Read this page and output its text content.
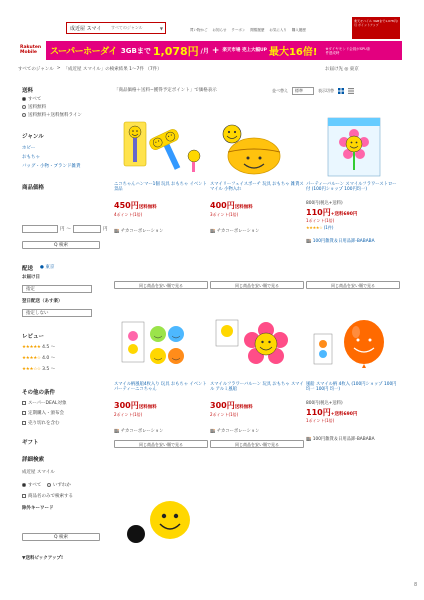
成近屋 スマイ	すべてのジャンル	▼	買い物かご お知らせ クーポン 閲覧履歴 お気に入り 購入履歴
楽天モバイル 3GBまで1,078円/月 ポイントアップ
Rakuten Mobile	スーパーホーダイ 3GBまで 1,078円 /月 + 楽天市場 売上大幅UP 最大16倍!	※ダイヤモンド会員がSPU条件達成時
すべてのジャンル > 「成近屋 スマイル」の検索結果 1〜7件 （7件）	お届け先 ◎ 東京
送料
すべて
送料無料
送料無料＋送料無料ライン
ジャンル
ホビー
おもちゃ
バッグ・小物・ブランド雑貨
商品価格
円 〜	円
Q 検索
配送 ● 東京
お届け日
指定
翌日配送（あす楽）
指定しない
レビュー
★★★★★ 4.5 〜
★★★★☆ 4.0 〜
★★★☆☆ 3.5 〜
その他の条件
スーパーDEAL対象
定期購入・頒布会
売り切れを含む
ギフト
詳細検索
成近屋 スマイル
すべて	いずれか
商品名のみで検索する
除外キーワード
Q 検索
▼送料ピックアップ!
「商品価格＋送料−獲得予定ポイント」で価格表示	並べ替え	標準	表示切替
ニコちゃんハンマー1個 玩具 おもちゃ イベント 景品
450円送料無料
4ポイント(1倍)
🏬 チカコーポレーション
同じ商品を安い順で見る
スマイリーフェイスポーチ 玩具 おもちゃ 雑貨スマイル 小物入れ
400円送料無料
3ポイント(1倍)
🏬 チカコーポレーション
同じ商品を安い順で見る
パーティーバルーン スマイルフラワーストロー付 (100円ショップ 100円均一)
800円(税込+送料)
110円+送料690円
1ポイント(1倍)
★★★★☆ (1件)
🏬 100円雑貨＆日用品卸-BABABA
同じ商品を安い順で見る
スマイル柄風船4枚入り 玩具 おもちゃ イベント パーティーニコちゃん
300円送料無料
2ポイント(1倍)
🏬 チカコーポレーション
同じ商品を安い順で見る
スマイルフラワーバルーン 玩具 おもちゃ スマイル アルミ風船
300円送料無料
2ポイント(1倍)
🏬 チカコーポレーション
同じ商品を安い順で見る
風船 スマイル柄 4枚入 (100円ショップ 100円均一 100円 均一)
800円(税込+送料)
110円+送料690円
1ポイント(1倍)
🏬 100円雑貨＆日用品卸-BABABA
8
